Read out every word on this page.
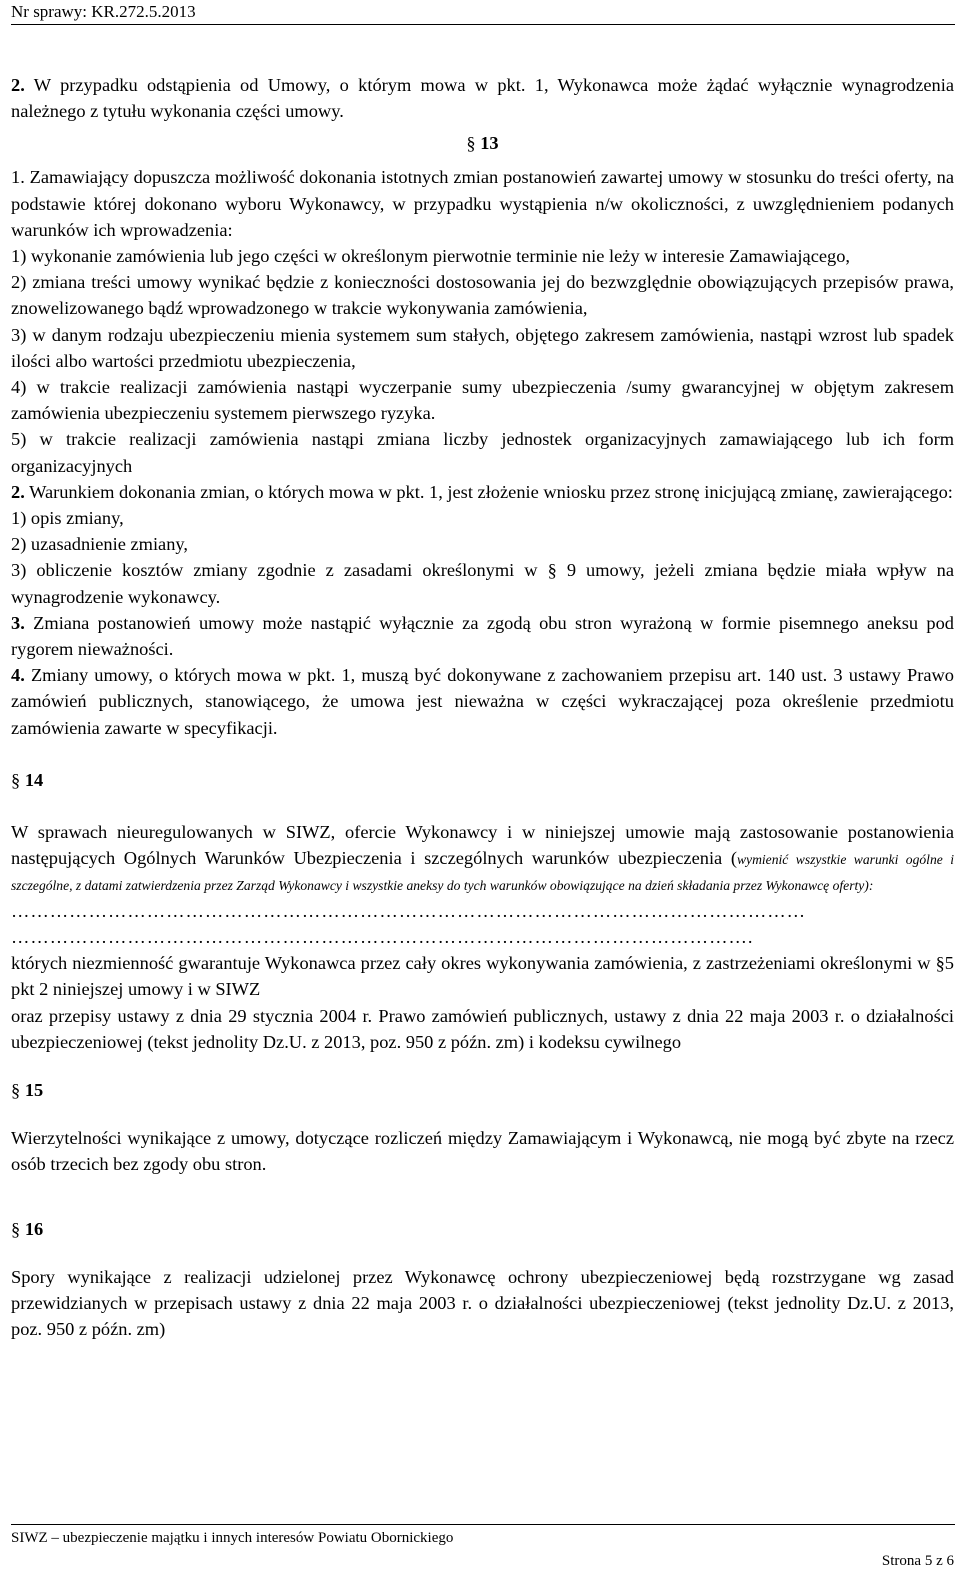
Nr sprawy: KR.272.5.2013

2. W przypadku odstąpienia od Umowy, o którym mowa w pkt. 1, Wykonawca może żądać wyłącznie wynagrodzenia należnego z tytułu wykonania części umowy.

§ 13

1. Zamawiający dopuszcza możliwość dokonania istotnych zmian postanowień zawartej umowy w stosunku do treści oferty, na podstawie której dokonano wyboru Wykonawcy, w przypadku wystąpienia n/w okoliczności, z uwzględnieniem podanych warunków ich wprowadzenia:

1) wykonanie zamówienia lub jego części w określonym pierwotnie terminie nie leży w interesie Zamawiającego,

2) zmiana treści umowy wynikać będzie z konieczności dostosowania jej do bezwzględnie obowiązujących przepisów prawa, znowelizowanego bądź wprowadzonego w trakcie wykonywania zamówienia,

3) w danym rodzaju ubezpieczeniu mienia systemem sum stałych, objętego zakresem zamówienia, nastąpi wzrost lub spadek ilości albo wartości przedmiotu ubezpieczenia,

4) w trakcie realizacji zamówienia nastąpi wyczerpanie sumy ubezpieczenia /sumy gwarancyjnej w objętym zakresem zamówienia ubezpieczeniu systemem pierwszego ryzyka.

5) w trakcie realizacji zamówienia nastąpi zmiana liczby jednostek organizacyjnych zamawiającego lub ich form organizacyjnych

2. Warunkiem dokonania zmian, o których mowa w pkt. 1, jest złożenie wniosku przez stronę inicjującą zmianę, zawierającego:

1) opis zmiany,

2) uzasadnienie zmiany,

3) obliczenie kosztów zmiany zgodnie z zasadami określonymi w § 9 umowy, jeżeli zmiana będzie miała wpływ na wynagrodzenie wykonawcy.

3. Zmiana postanowień umowy może nastąpić wyłącznie za zgodą obu stron wyrażoną w formie pisemnego aneksu pod rygorem nieważności.

4. Zmiany umowy, o których mowa w pkt. 1, muszą być dokonywane z zachowaniem przepisu art. 140 ust. 3 ustawy Prawo zamówień publicznych, stanowiącego, że umowa jest nieważna w części wykraczającej poza określenie przedmiotu zamówienia zawarte w specyfikacji.

§ 14

W sprawach nieuregulowanych w SIWZ, ofercie Wykonawcy i w niniejszej umowie mają zastosowanie postanowienia następujących Ogólnych Warunków Ubezpieczenia i szczególnych warunków ubezpieczenia (wymienić wszystkie warunki ogólne i szczególne, z datami zatwierdzenia przez Zarząd Wykonawcy i wszystkie aneksy do tych warunków obowiązujące na dzień składania przez Wykonawcę oferty):

……………………………………………………………………………………………………………

…………………………………………………………………………………………………….

których niezmienność gwarantuje Wykonawca przez cały okres wykonywania zamówienia, z zastrzeżeniami określonymi w §5 pkt 2 niniejszej umowy i w SIWZ

oraz przepisy ustawy z dnia 29 stycznia 2004 r. Prawo zamówień publicznych, ustawy z dnia 22 maja 2003 r. o działalności ubezpieczeniowej (tekst jednolity Dz.U. z 2013, poz. 950 z późn. zm) i kodeksu cywilnego

§ 15

Wierzytelności wynikające z umowy, dotyczące rozliczeń między Zamawiającym i Wykonawcą, nie mogą być zbyte na rzecz osób trzecich bez zgody obu stron.

§ 16

Spory wynikające z realizacji udzielonej przez Wykonawcę ochrony ubezpieczeniowej będą rozstrzygane wg zasad przewidzianych w przepisach ustawy z dnia 22 maja 2003 r. o działalności ubezpieczeniowej (tekst jednolity Dz.U. z 2013, poz. 950 z późn. zm)

SIWZ – ubezpieczenie majątku i innych interesów Powiatu Obornickiego
Strona 5 z 6
